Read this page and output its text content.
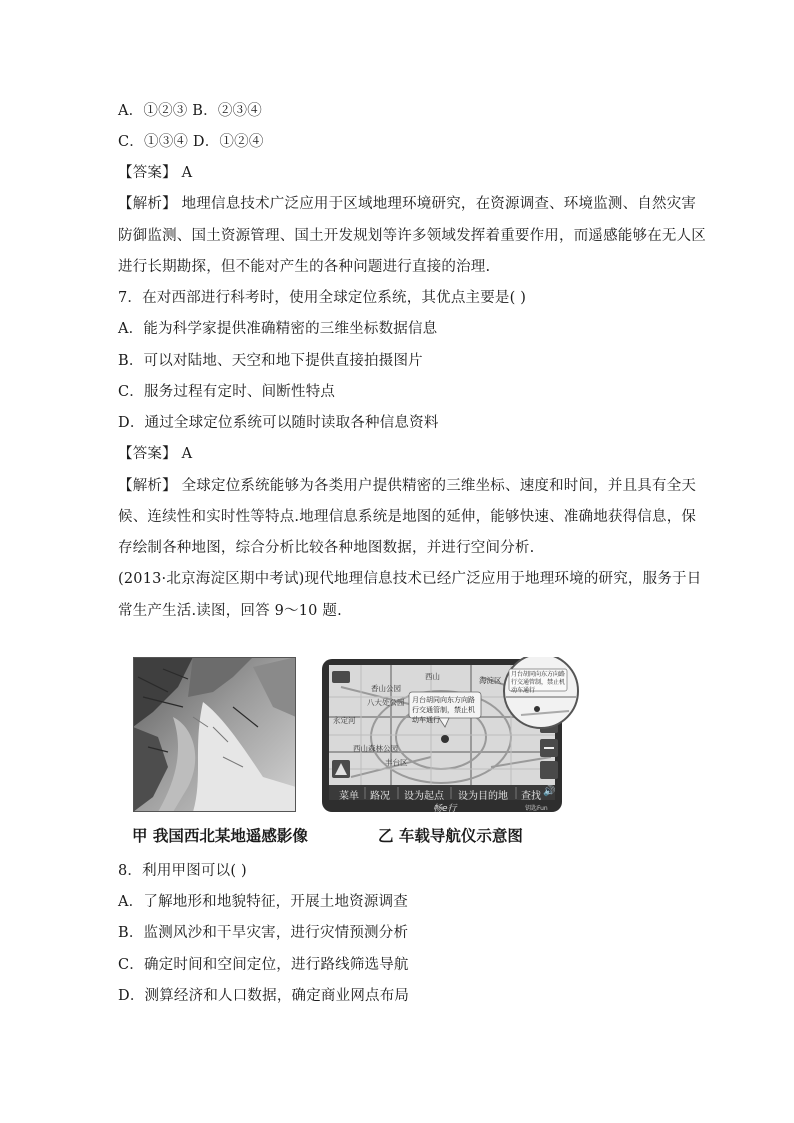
A．①②③ B．②③④
C．①③④ D．①②④
【答案】 A
【解析】 地理信息技术广泛应用于区域地理环境研究，在资源调查、环境监测、自然灾害
防御监测、国土资源管理、国土开发规划等许多领域发挥着重要作用，而遥感能够在无人区
进行长期勘探，但不能对产生的各种问题进行直接的治理.
7．在对西部进行科考时，使用全球定位系统，其优点主要是( )
A．能为科学家提供准确精密的三维坐标数据信息
B．可以对陆地、天空和地下提供直接拍摄图片
C．服务过程有定时、间断性特点
D．通过全球定位系统可以随时读取各种信息资料
【答案】 A
【解析】 全球定位系统能够为各类用户提供精密的三维坐标、速度和时间，并且具有全天
候、连续性和实时性等特点.地理信息系统是地图的延伸，能够快速、准确地获得信息，保
存绘制各种地图，综合分析比较各种地图数据，并进行空间分析.
(2013·北京海淀区期中考试)现代地理信息技术已经广泛应用于地理环境的研究，服务于日
常生产生活.读图，回答 9～10 题.
西山
香山公园
八大处公园
永定河
西山森林公园
海淀区
丰台区
月台胡同向东方向路行交通管制，禁止机动车通行
月台胡同向东方向路行交通管制，禁止机动车通行
菜单 路况 设为起点 设为目的地 查找
畅e行	钥匙Fun
🔊
甲 我国西北某地遥感影像	乙 车载导航仪示意图
8．利用甲图可以( )
A．了解地形和地貌特征，开展土地资源调查
B．监测风沙和干旱灾害，进行灾情预测分析
C．确定时间和空间定位，进行路线筛选导航
D．测算经济和人口数据，确定商业网点布局
